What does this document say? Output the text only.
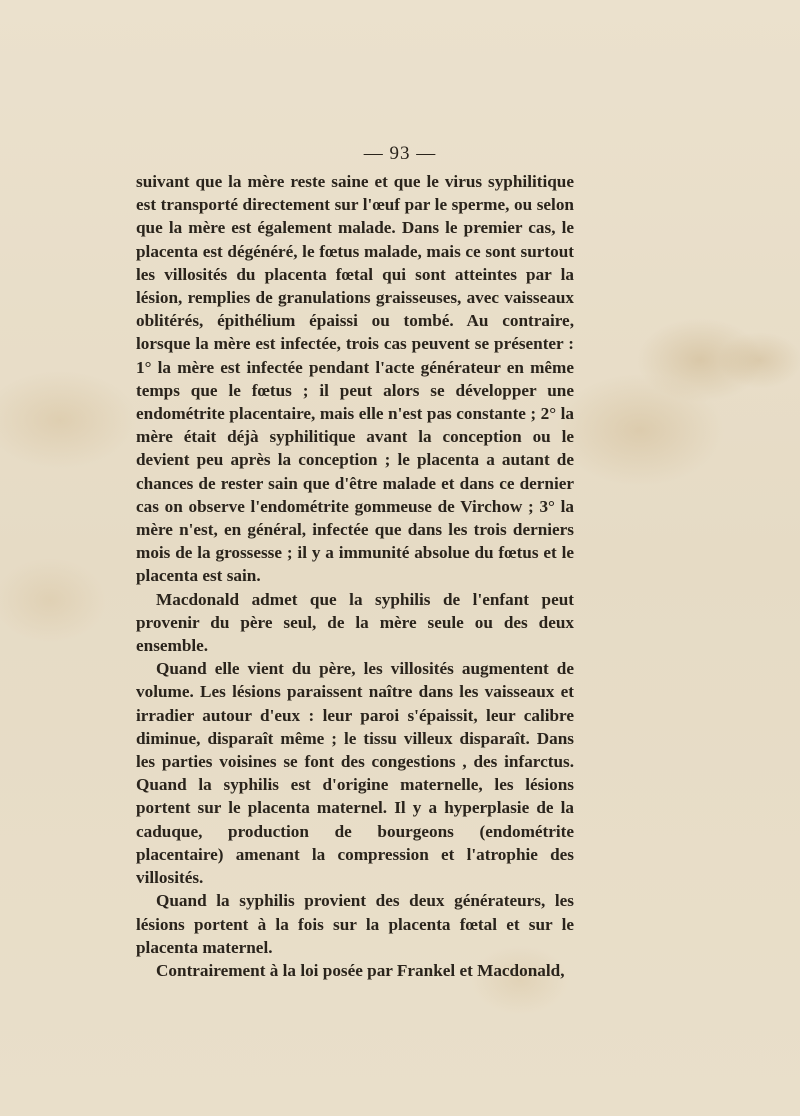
— 93 —

suivant que la mère reste saine et que le virus syphilitique est transporté directement sur l'œuf par le sperme, ou selon que la mère est également malade. Dans le premier cas, le placenta est dégénéré, le fœtus malade, mais ce sont surtout les villosités du placenta fœtal qui sont atteintes par la lésion, remplies de granulations graisseuses, avec vaisseaux oblitérés, épithélium épaissi ou tombé. Au contraire, lorsque la mère est infectée, trois cas peuvent se présenter : 1° la mère est infectée pendant l'acte générateur en même temps que le fœtus ; il peut alors se développer une endométrite placentaire, mais elle n'est pas constante ; 2° la mère était déjà syphilitique avant la conception ou le devient peu après la conception ; le placenta a autant de chances de rester sain que d'être malade et dans ce dernier cas on observe l'endométrite gommeuse de Virchow ; 3° la mère n'est, en général, infectée que dans les trois derniers mois de la grossesse ; il y a immunité absolue du fœtus et le placenta est sain.

Macdonald admet que la syphilis de l'enfant peut provenir du père seul, de la mère seule ou des deux ensemble.

Quand elle vient du père, les villosités augmentent de volume. Les lésions paraissent naître dans les vaisseaux et irradier autour d'eux : leur paroi s'épaissit, leur calibre diminue, disparaît même ; le tissu villeux disparaît. Dans les parties voisines se font des congestions , des infarctus. Quand la syphilis est d'origine maternelle, les lésions portent sur le placenta maternel. Il y a hyperplasie de la caduque, production de bourgeons (endométrite placentaire) amenant la compression et l'atrophie des villosités.

Quand la syphilis provient des deux générateurs, les lésions portent à la fois sur la placenta fœtal et sur le placenta maternel.

Contrairement à la loi posée par Frankel et Macdonald,
